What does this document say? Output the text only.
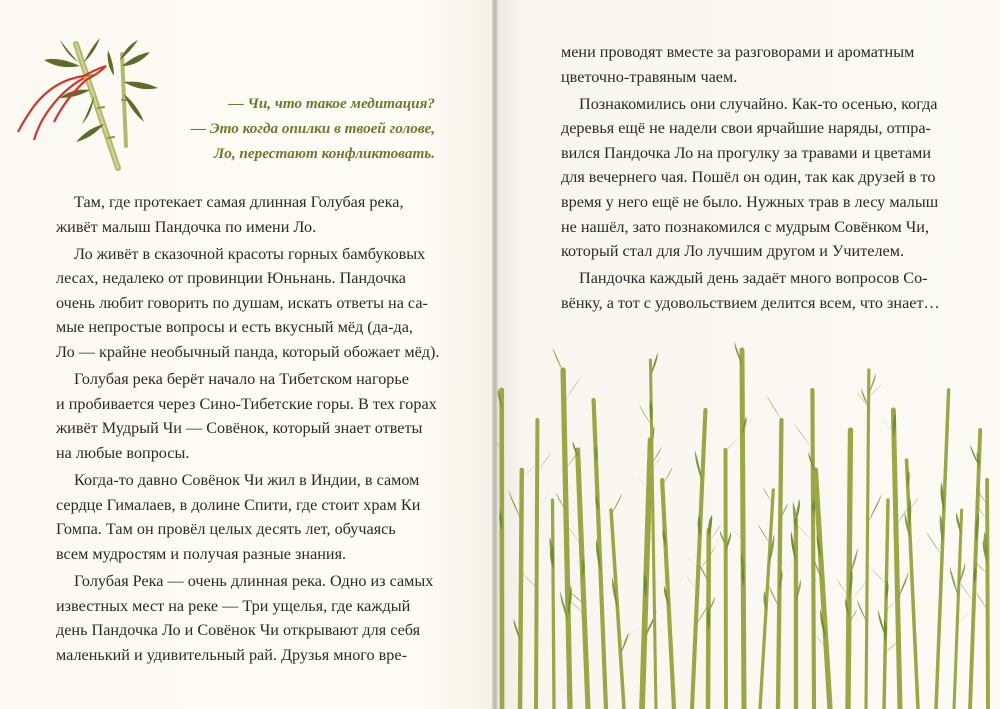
— Чи, что такое медитация?
— Это когда опилки в твоей голове,
Ло, перестают конфликтовать.
Там, где протекает самая длинная Голубая река,
живёт малыш Пандочка по имени Ло.
Ло живёт в сказочной красоты горных бамбуковых
лесах, недалеко от провинции Юньнань. Пандочка
очень любит говорить по душам, искать ответы на са-
мые непростые вопросы и есть вкусный мёд (да-да,
Ло — крайне необычный панда, который обожает мёд).
Голубая река берёт начало на Тибетском нагорье
и пробивается через Сино-Тибетские горы. В тех горах
живёт Мудрый Чи — Совёнок, который знает ответы
на любые вопросы.
Когда-то давно Совёнок Чи жил в Индии, в самом
сердце Гималаев, в долине Спити, где стоит храм Ки
Гомпа. Там он провёл целых десять лет, обучаясь
всем мудростям и получая разные знания.
Голубая Река — очень длинная река. Одно из самых
известных мест на реке — Три ущелья, где каждый
день Пандочка Ло и Совёнок Чи открывают для себя
маленький и удивительный рай. Друзья много вре-
мени проводят вместе за разговорами и ароматным
цветочно-травяным чаем.
Познакомились они случайно. Как-то осенью, когда
деревья ещё не надели свои ярчайшие наряды, отпра-
вился Пандочка Ло на прогулку за травами и цветами
для вечернего чая. Пошёл он один, так как друзей в то
время у него ещё не было. Нужных трав в лесу малыш
не нашёл, зато познакомился с мудрым Совёнком Чи,
который стал для Ло лучшим другом и Учителем.
Пандочка каждый день задаёт много вопросов Со-
вёнку, а тот с удовольствием делится всем, что знает…
